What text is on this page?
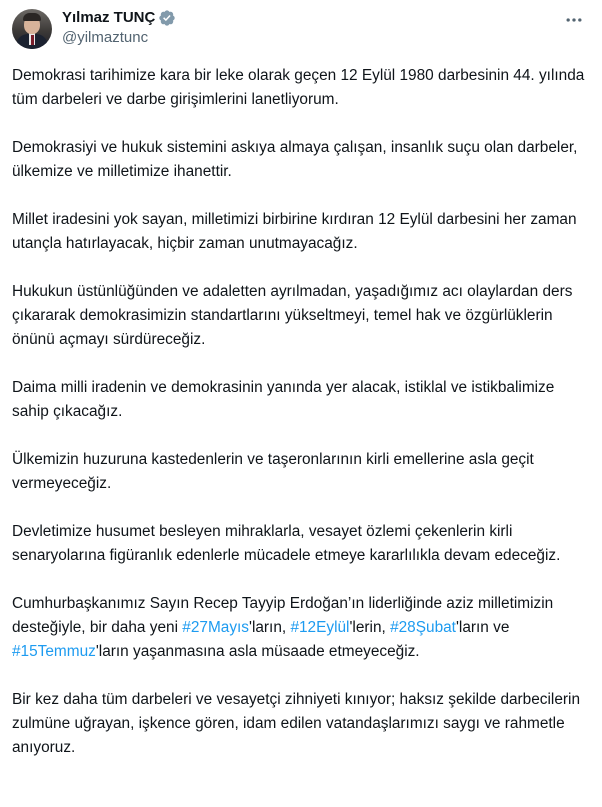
Yılmaz TUNÇ
@yilmaztunc

Demokrasi tarihimize kara bir leke olarak geçen 12 Eylül 1980 darbesinin 44. yılında tüm darbeleri ve darbe girişimlerini lanetliyorum.

Demokrasiyi ve hukuk sistemini askıya almaya çalışan, insanlık suçu olan darbeler, ülkemize ve milletimize ihanettir.

Millet iradesini yok sayan, milletimizi birbirine kırdıran 12 Eylül darbesini her zaman utançla hatırlayacak, hiçbir zaman unutmayacağız.

Hukukun üstünlüğünden ve adaletten ayrılmadan, yaşadığımız acı olaylardan ders çıkararak demokrasimizin standartlarını yükseltmeyi, temel hak ve özgürlüklerin önünü açmayı sürdüreceğiz.

Daima milli iradenin ve demokrasinin yanında yer alacak, istiklal ve istikbalimize sahip çıkacağız.

Ülkemizin huzuruna kastedenlerin ve taşeronlarının kirli emellerine asla geçit vermeyeceğiz.

Devletimize husumet besleyen mihraklarla, vesayet özlemi çekenlerin kirli senaryolarına figüranlık edenlerle mücadele etmeye kararlılıkla devam edeceğiz.

Cumhurbaşkanımız Sayın Recep Tayyip Erdoğan’ın liderliğinde aziz milletimizin desteğiyle, bir daha yeni #27Mayıs'ların, #12Eylül'lerin, #28Şubat'ların ve #15Temmuz'ların yaşanmasına asla müsaade etmeyeceğiz.

Bir kez daha tüm darbeleri ve vesayetçi zihniyeti kınıyor; haksız şekilde darbecilerin zulmüne uğrayan, işkence gören, idam edilen vatandaşlarımızı saygı ve rahmetle anıyoruz.
